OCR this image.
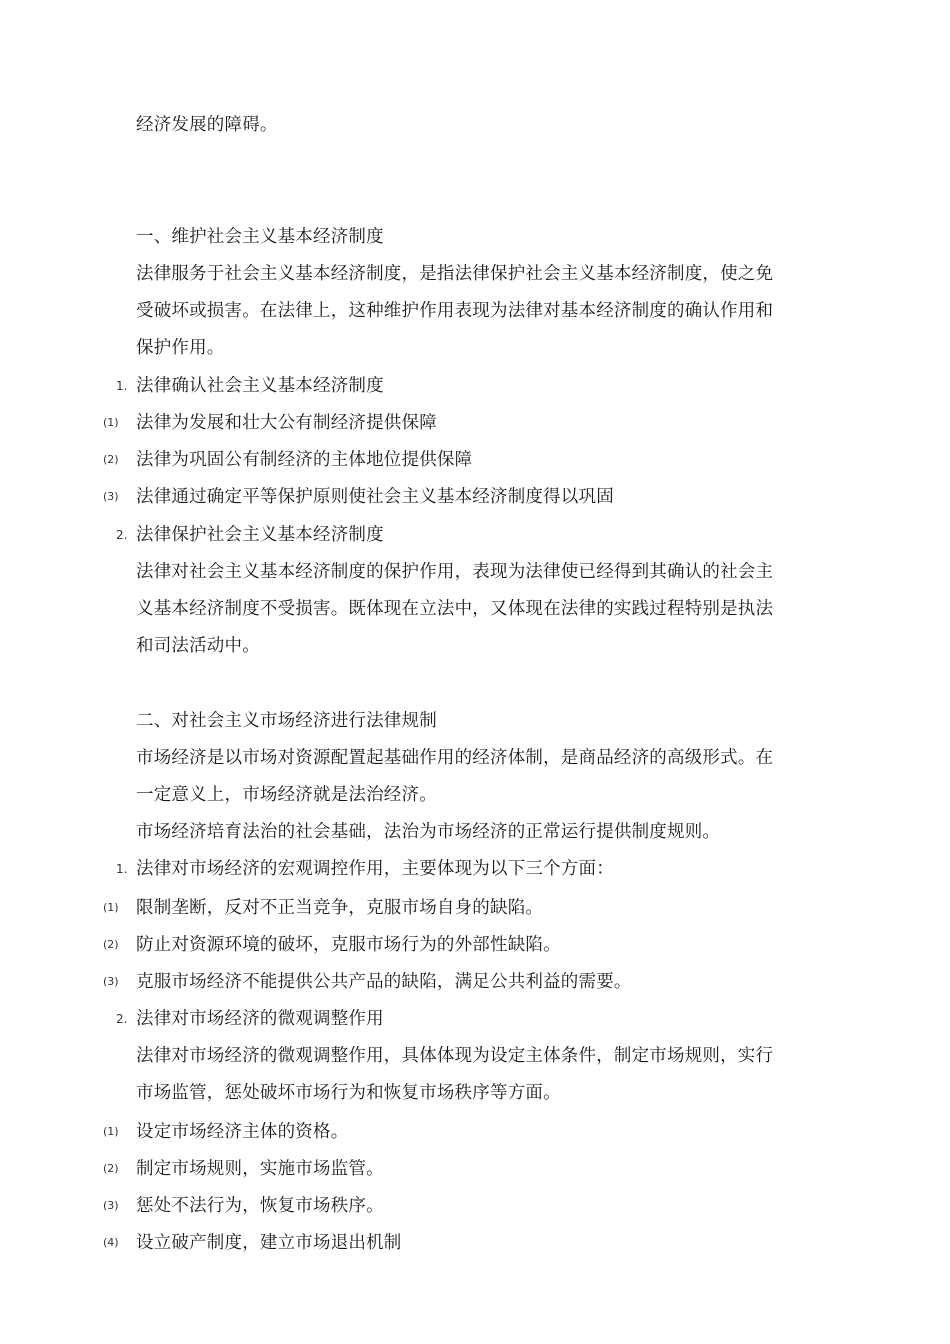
经济发展的障碍。
一、维护社会主义基本经济制度
法律服务于社会主义基本经济制度，是指法律保护社会主义基本经济制度，使之免
受破坏或损害。在法律上，这种维护作用表现为法律对基本经济制度的确认作用和
保护作用。
1. 法律确认社会主义基本经济制度
(1) 法律为发展和壮大公有制经济提供保障
(2) 法律为巩固公有制经济的主体地位提供保障
(3) 法律通过确定平等保护原则使社会主义基本经济制度得以巩固
2. 法律保护社会主义基本经济制度
法律对社会主义基本经济制度的保护作用，表现为法律使已经得到其确认的社会主
义基本经济制度不受损害。既体现在立法中，又体现在法律的实践过程特别是执法
和司法活动中。
二、对社会主义市场经济进行法律规制
市场经济是以市场对资源配置起基础作用的经济体制，是商品经济的高级形式。在
一定意义上，市场经济就是法治经济。
市场经济培育法治的社会基础，法治为市场经济的正常运行提供制度规则。
1. 法律对市场经济的宏观调控作用，主要体现为以下三个方面：
(1) 限制垄断，反对不正当竞争，克服市场自身的缺陷。
(2) 防止对资源环境的破坏，克服市场行为的外部性缺陷。
(3) 克服市场经济不能提供公共产品的缺陷，满足公共利益的需要。
2. 法律对市场经济的微观调整作用
法律对市场经济的微观调整作用，具体体现为设定主体条件，制定市场规则，实行
市场监管，惩处破坏市场行为和恢复市场秩序等方面。
(1) 设定市场经济主体的资格。
(2) 制定市场规则，实施市场监管。
(3) 惩处不法行为，恢复市场秩序。
(4) 设立破产制度，建立市场退出机制
